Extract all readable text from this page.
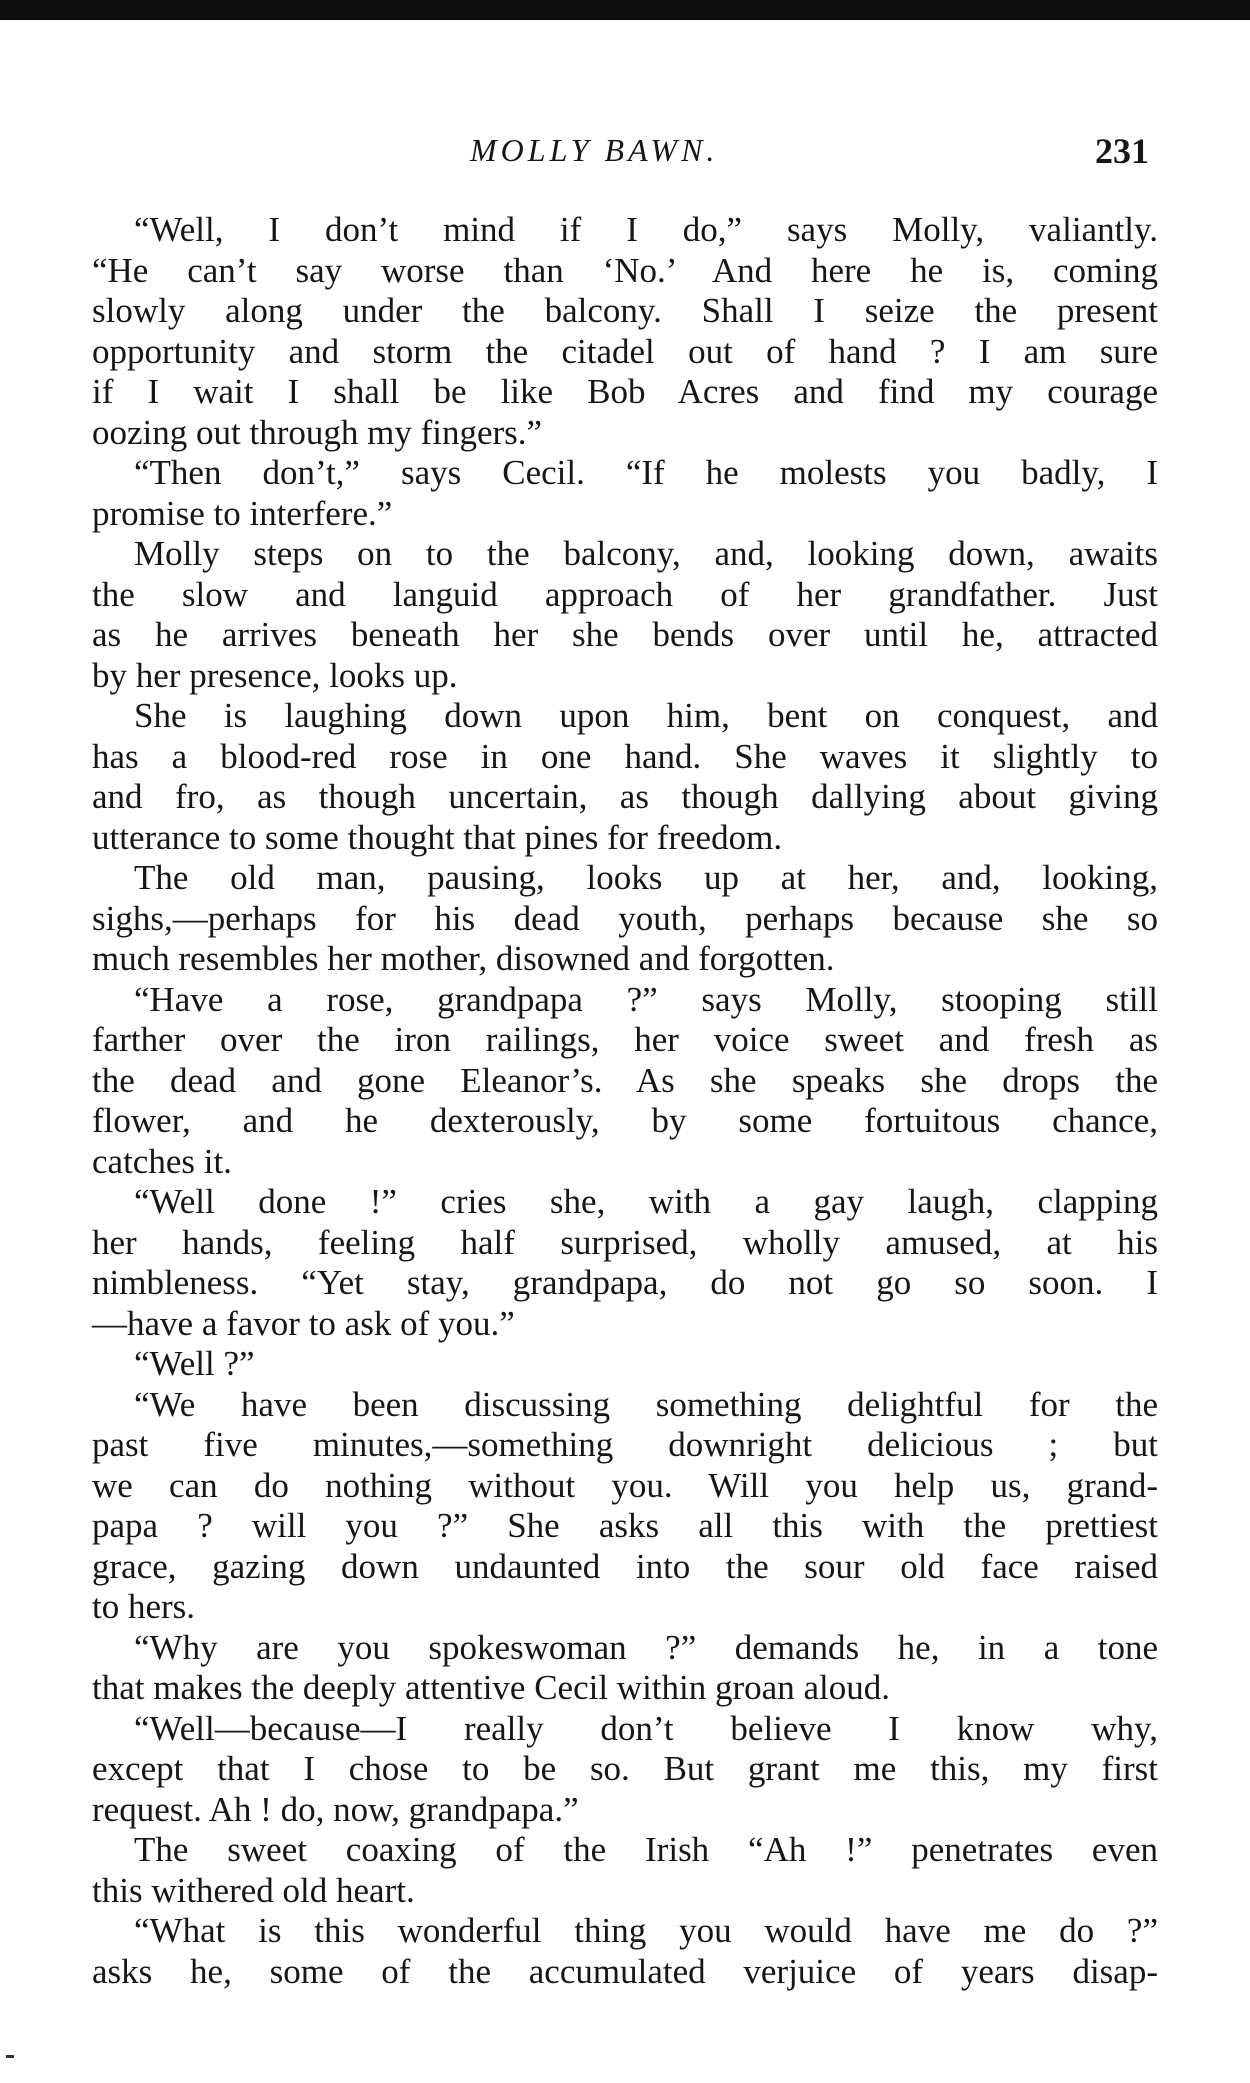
MOLLY BAWN.	231
“Well, I don’t mind if I do,” says Molly, valiantly.
“He can’t say worse than ‘No.’ And here he is, coming
slowly along under the balcony. Shall I seize the present
opportunity and storm the citadel out of hand ? I am sure
if I wait I shall be like Bob Acres and find my courage
oozing out through my fingers.”
“Then don’t,” says Cecil. “If he molests you badly, I
promise to interfere.”
Molly steps on to the balcony, and, looking down, awaits
the slow and languid approach of her grandfather. Just
as he arrives beneath her she bends over until he, attracted
by her presence, looks up.
She is laughing down upon him, bent on conquest, and
has a blood-red rose in one hand. She waves it slightly to
and fro, as though uncertain, as though dallying about giving
utterance to some thought that pines for freedom.
The old man, pausing, looks up at her, and, looking,
sighs,—perhaps for his dead youth, perhaps because she so
much resembles her mother, disowned and forgotten.
“Have a rose, grandpapa ?” says Molly, stooping still
farther over the iron railings, her voice sweet and fresh as
the dead and gone Eleanor’s. As she speaks she drops the
flower, and he dexterously, by some fortuitous chance,
catches it.
“Well done !” cries she, with a gay laugh, clapping
her hands, feeling half surprised, wholly amused, at his
nimbleness. “Yet stay, grandpapa, do not go so soon. I
—have a favor to ask of you.”
“Well ?”
“We have been discussing something delightful for the
past five minutes,—something downright delicious ; but
we can do nothing without you. Will you help us, grand-
papa ? will you ?” She asks all this with the prettiest
grace, gazing down undaunted into the sour old face raised
to hers.
“Why are you spokeswoman ?” demands he, in a tone
that makes the deeply attentive Cecil within groan aloud.
“Well—because—I really don’t believe I know why,
except that I chose to be so. But grant me this, my first
request. Ah ! do, now, grandpapa.”
The sweet coaxing of the Irish “Ah !” penetrates even
this withered old heart.
“What is this wonderful thing you would have me do ?”
asks he, some of the accumulated verjuice of years disap-
